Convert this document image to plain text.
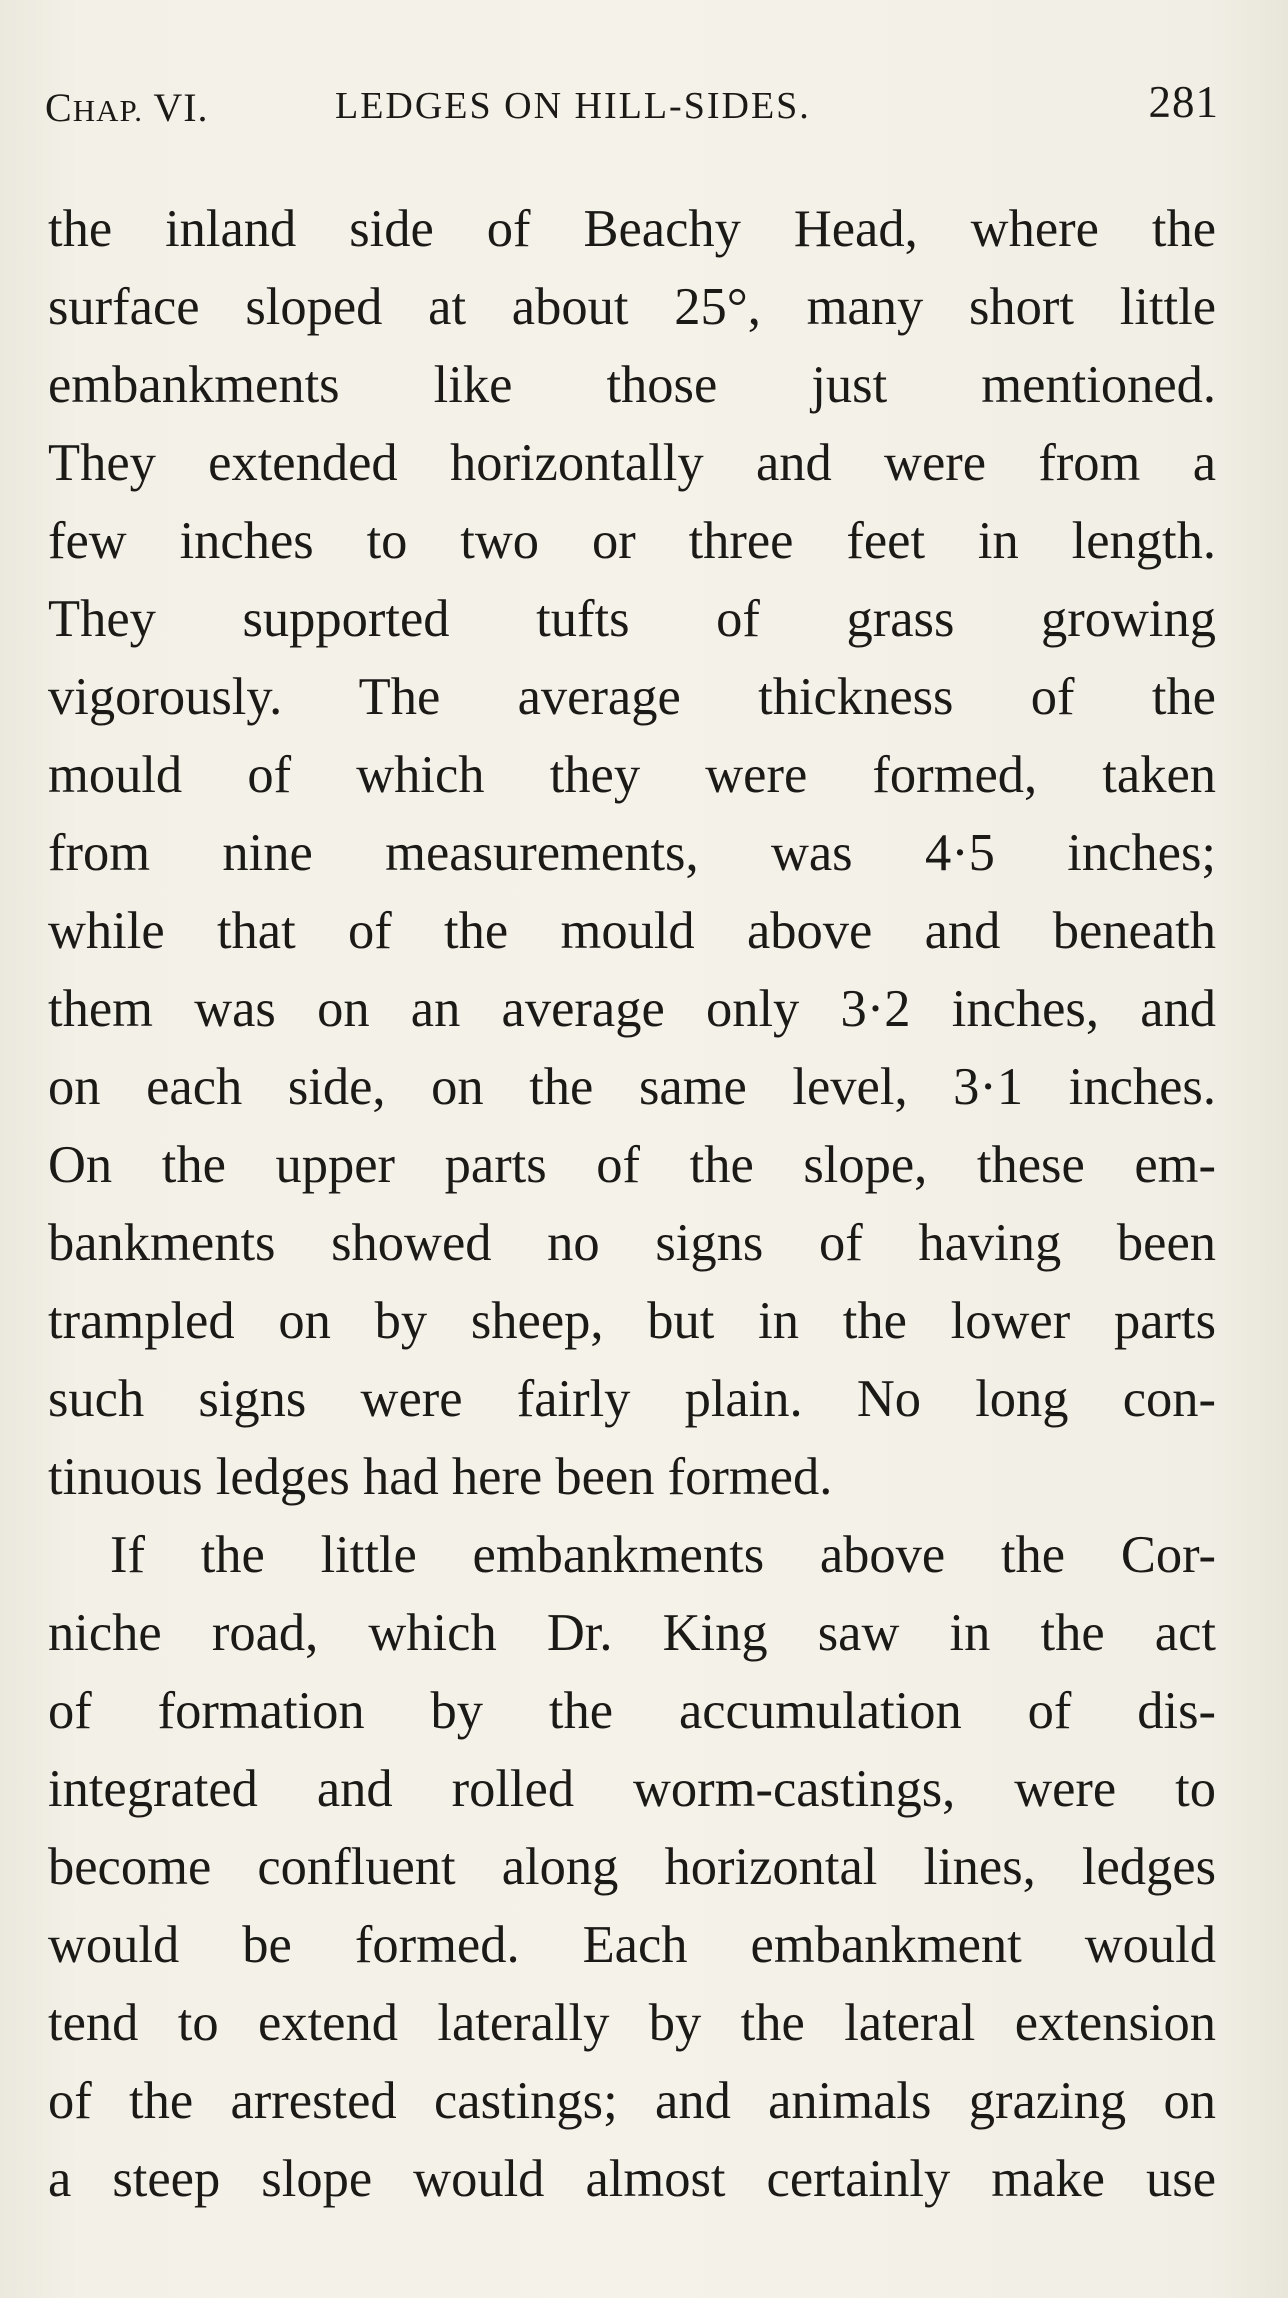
CHAP. VI.	LEDGES ON HILL-SIDES.	281
the inland side of Beachy Head, where the
surface sloped at about 25°, many short little
embankments like those just mentioned.
They extended horizontally and were from a
few inches to two or three feet in length.
They supported tufts of grass growing
vigorously. The average thickness of the
mould of which they were formed, taken
from nine measurements, was 4·5 inches;
while that of the mould above and beneath
them was on an average only 3·2 inches, and
on each side, on the same level, 3·1 inches.
On the upper parts of the slope, these em-
bankments showed no signs of having been
trampled on by sheep, but in the lower parts
such signs were fairly plain. No long con-
tinuous ledges had here been formed.
If the little embankments above the Cor-
niche road, which Dr. King saw in the act
of formation by the accumulation of dis-
integrated and rolled worm-castings, were to
become confluent along horizontal lines, ledges
would be formed. Each embankment would
tend to extend laterally by the lateral extension
of the arrested castings; and animals grazing on
a steep slope would almost certainly make use
